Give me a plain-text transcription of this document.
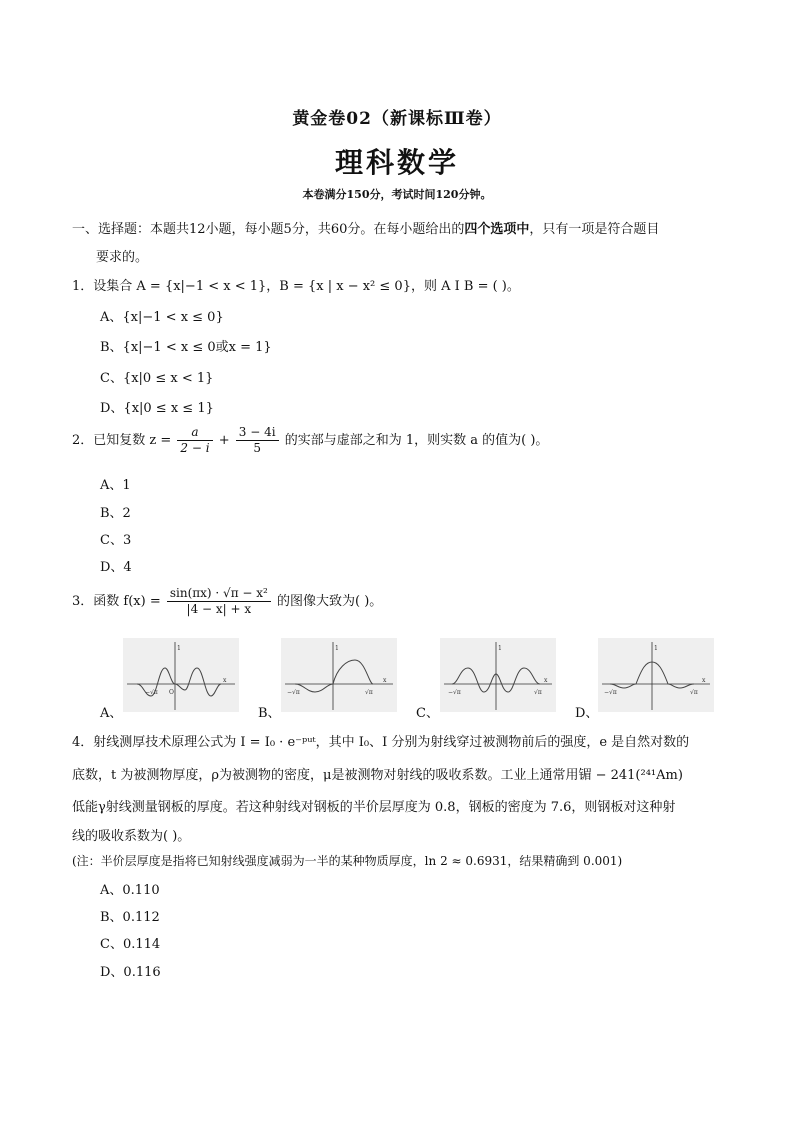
黄金卷02（新课标Ⅲ卷）
理科数学
本卷满分150分，考试时间120分钟。
一、选择题：本题共12小题，每小题5分，共60分。在每小题给出的四个选项中，只有一项是符合题目
要求的。
1．设集合 A = {x|−1 < x < 1}，B = {x | x − x² ≤ 0}，则 A I B = ( )。
A、{x|−1 < x ≤ 0}
B、{x|−1 < x ≤ 0或x = 1}
C、{x|0 ≤ x < 1}
D、{x|0 ≤ x ≤ 1}
2．已知复数 $z = \frac{a}{2 - i} + \frac{3 - 4i}{5}$ 的实部与虚部之和为 1，则实数 a 的值为( )。
A、1
B、2
C、3
D、4
3．函数 $f(x) = \frac{\text{sin(πx) · √π − x²}}{|4 - x| + x}$ 的图像大致为( )。
A、	B、	C、	D、
−√π
1
O
x
−√π	√π
1
x
−√π	√π
1
x
−√π	√π
1
x
4．射线测厚技术原理公式为 I = I₀ · e⁻ᵖᵘᵗ，其中 I₀、I 分别为射线穿过被测物前后的强度，e 是自然对数的
底数，t 为被测物厚度，ρ为被测物的密度，μ是被测物对射线的吸收系数。工业上通常用镅 − 241(²⁴¹Am)
低能γ射线测量钢板的厚度。若这种射线对钢板的半价层厚度为 0.8，钢板的密度为 7.6，则钢板对这种射
线的吸收系数为( )。
(注：半价层厚度是指将已知射线强度减弱为一半的某种物质厚度，ln 2 ≈ 0.6931，结果精确到 0.001)
A、0.110
B、0.112
C、0.114
D、0.116
